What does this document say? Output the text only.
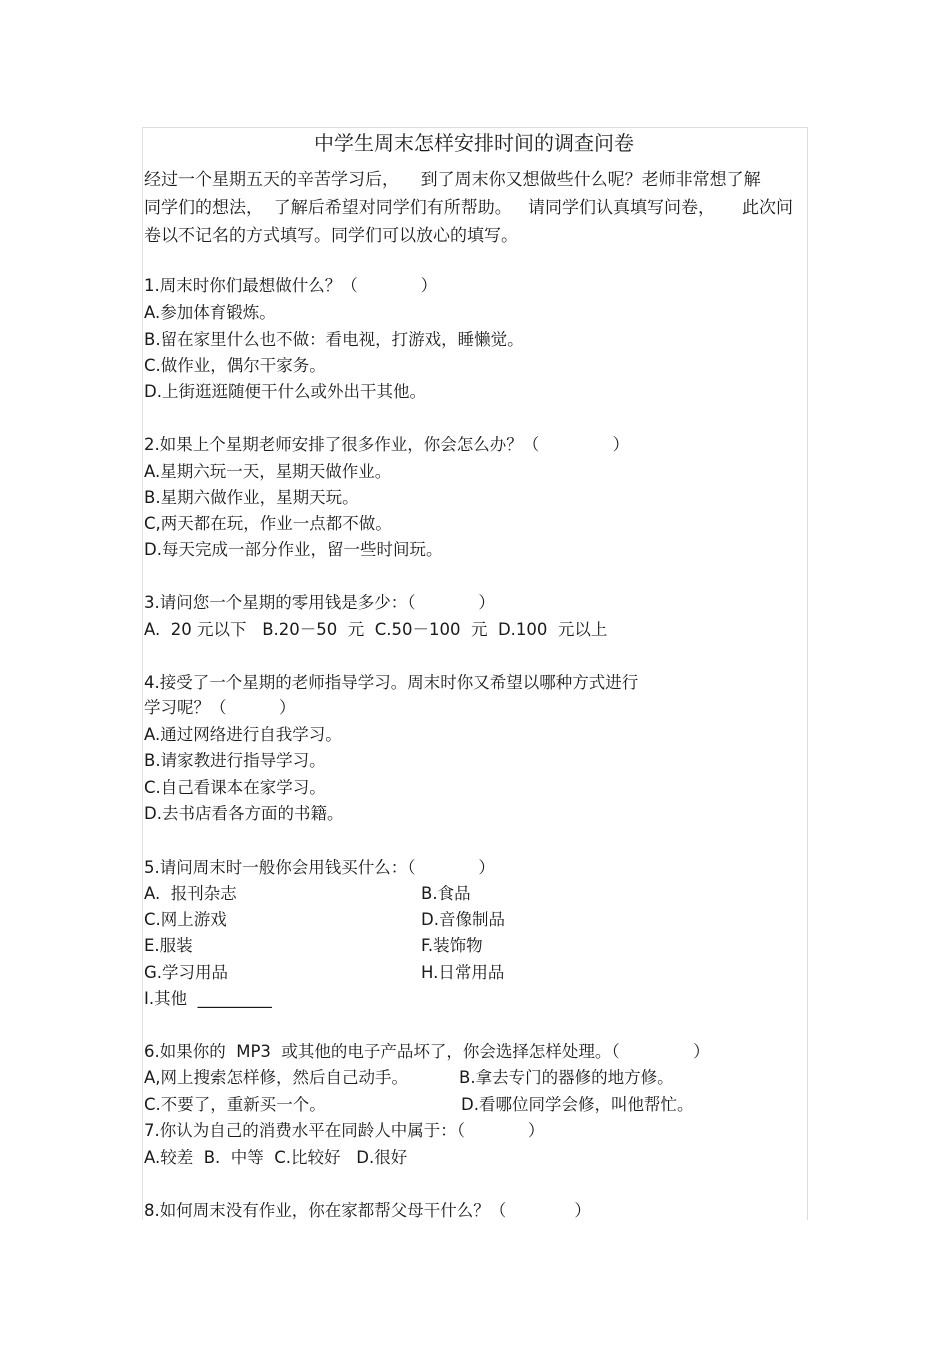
中学生周末怎样安排时间的调查问卷

经过一个星期五天的辛苦学习后，    到了周末你又想做些什么呢？老师非常想了解

同学们的想法，  了解后希望对同学们有所帮助。   请同学们认真填写问卷，     此次问

卷以不记名的方式填写。同学们可以放心的填写。

1.周末时你们最想做什么？（            ）

A.参加体育锻炼。

B.留在家里什么也不做：看电视，打游戏，睡懒觉。

C.做作业，偶尔干家务。

D.上街逛逛随便干什么或外出干其他。

2.如果上个星期老师安排了很多作业，你会怎么办？（              ）

A.星期六玩一天，星期天做作业。

B.星期六做作业，星期天玩。

C,两天都在玩，作业一点都不做。

D.每天完成一部分作业，留一些时间玩。

3.请问您一个星期的零用钱是多少：（            ）

A.  20 元以下   B.20－50  元  C.50－100  元  D.100  元以上

4.接受了一个星期的老师指导学习。周末时你又希望以哪种方式进行

学习呢？（          ）

A.通过网络进行自我学习。

B.请家教进行指导学习。

C.自己看课本在家学习。

D.去书店看各方面的书籍。

5.请问周末时一般你会用钱买什么：（            ）

A.  报刊杂志	B.食品

C.网上游戏	D.音像制品

E.服装	F.装饰物

G.学习用品	H.日常用品

I.其他  _________

6.如果你的  MP3  或其他的电子产品坏了，你会选择怎样处理。（              ）

A,网上搜索怎样修，然后自己动手。	B.拿去专门的器修的地方修。

C.不要了，重新买一个。	D.看哪位同学会修，叫他帮忙。

7.你认为自己的消费水平在同龄人中属于：（            ）

A.较差  B.  中等  C.比较好   D.很好

8.如何周末没有作业，你在家都帮父母干什么？（             ）
